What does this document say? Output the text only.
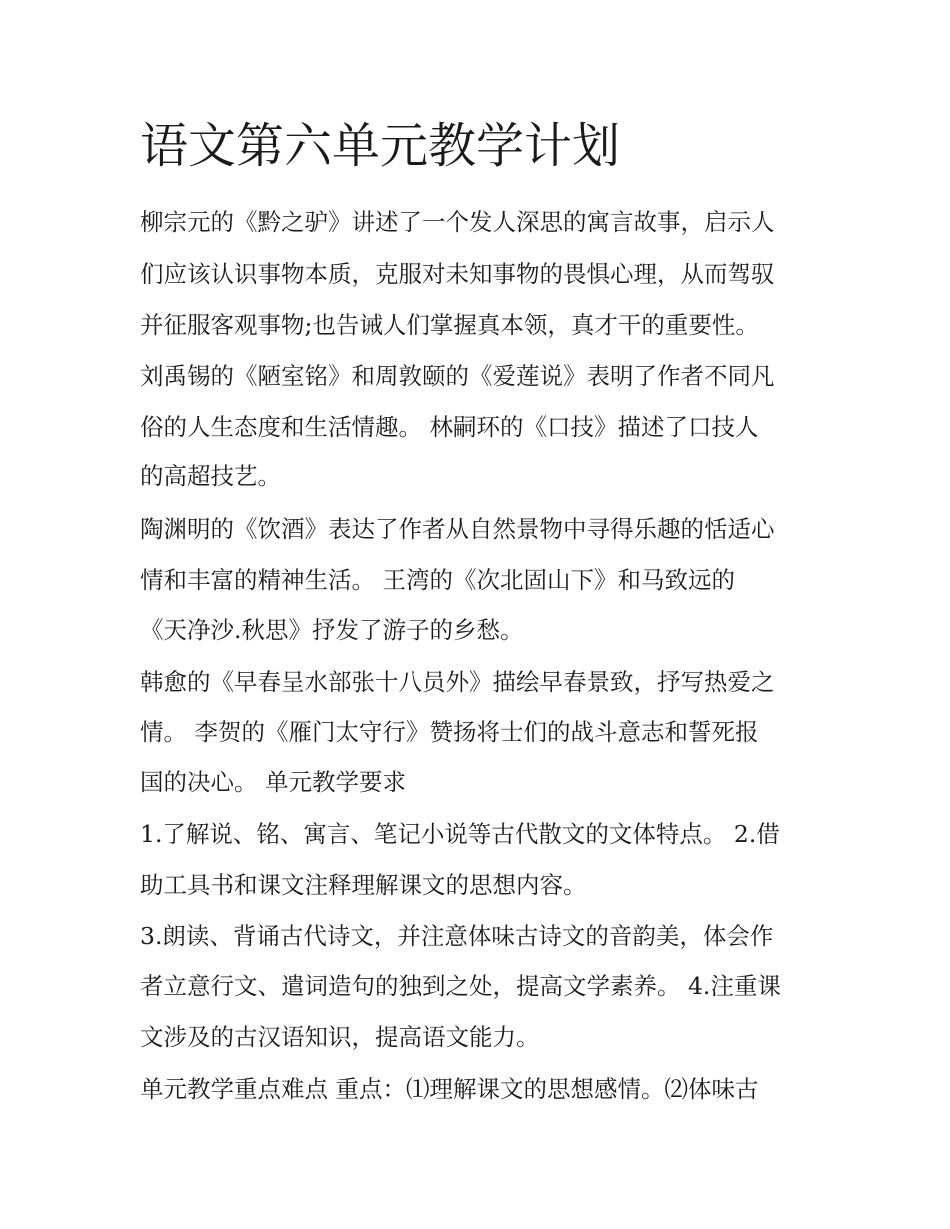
语文第六单元教学计划

柳宗元的《黔之驴》讲述了一个发人深思的寓言故事，启示人

们应该认识事物本质，克服对未知事物的畏惧心理，从而驾驭

并征服客观事物;也告诫人们掌握真本领，真才干的重要性。

刘禹锡的《陋室铭》和周敦颐的《爱莲说》表明了作者不同凡

俗的人生态度和生活情趣。 林嗣环的《口技》描述了口技人

的高超技艺。

陶渊明的《饮酒》表达了作者从自然景物中寻得乐趣的恬适心

情和丰富的精神生活。 王湾的《次北固山下》和马致远的

《天净沙.秋思》抒发了游子的乡愁。

韩愈的《早春呈水部张十八员外》描绘早春景致，抒写热爱之

情。 李贺的《雁门太守行》赞扬将士们的战斗意志和誓死报

国的决心。 单元教学要求

1.了解说、铭、寓言、笔记小说等古代散文的文体特点。 2.借

助工具书和课文注释理解课文的思想内容。

3.朗读、背诵古代诗文，并注意体味古诗文的音韵美，体会作

者立意行文、遣词造句的独到之处，提高文学素养。 4.注重课

文涉及的古汉语知识，提高语文能力。

单元教学重点难点 重点：⑴理解课文的思想感情。⑵体味古
